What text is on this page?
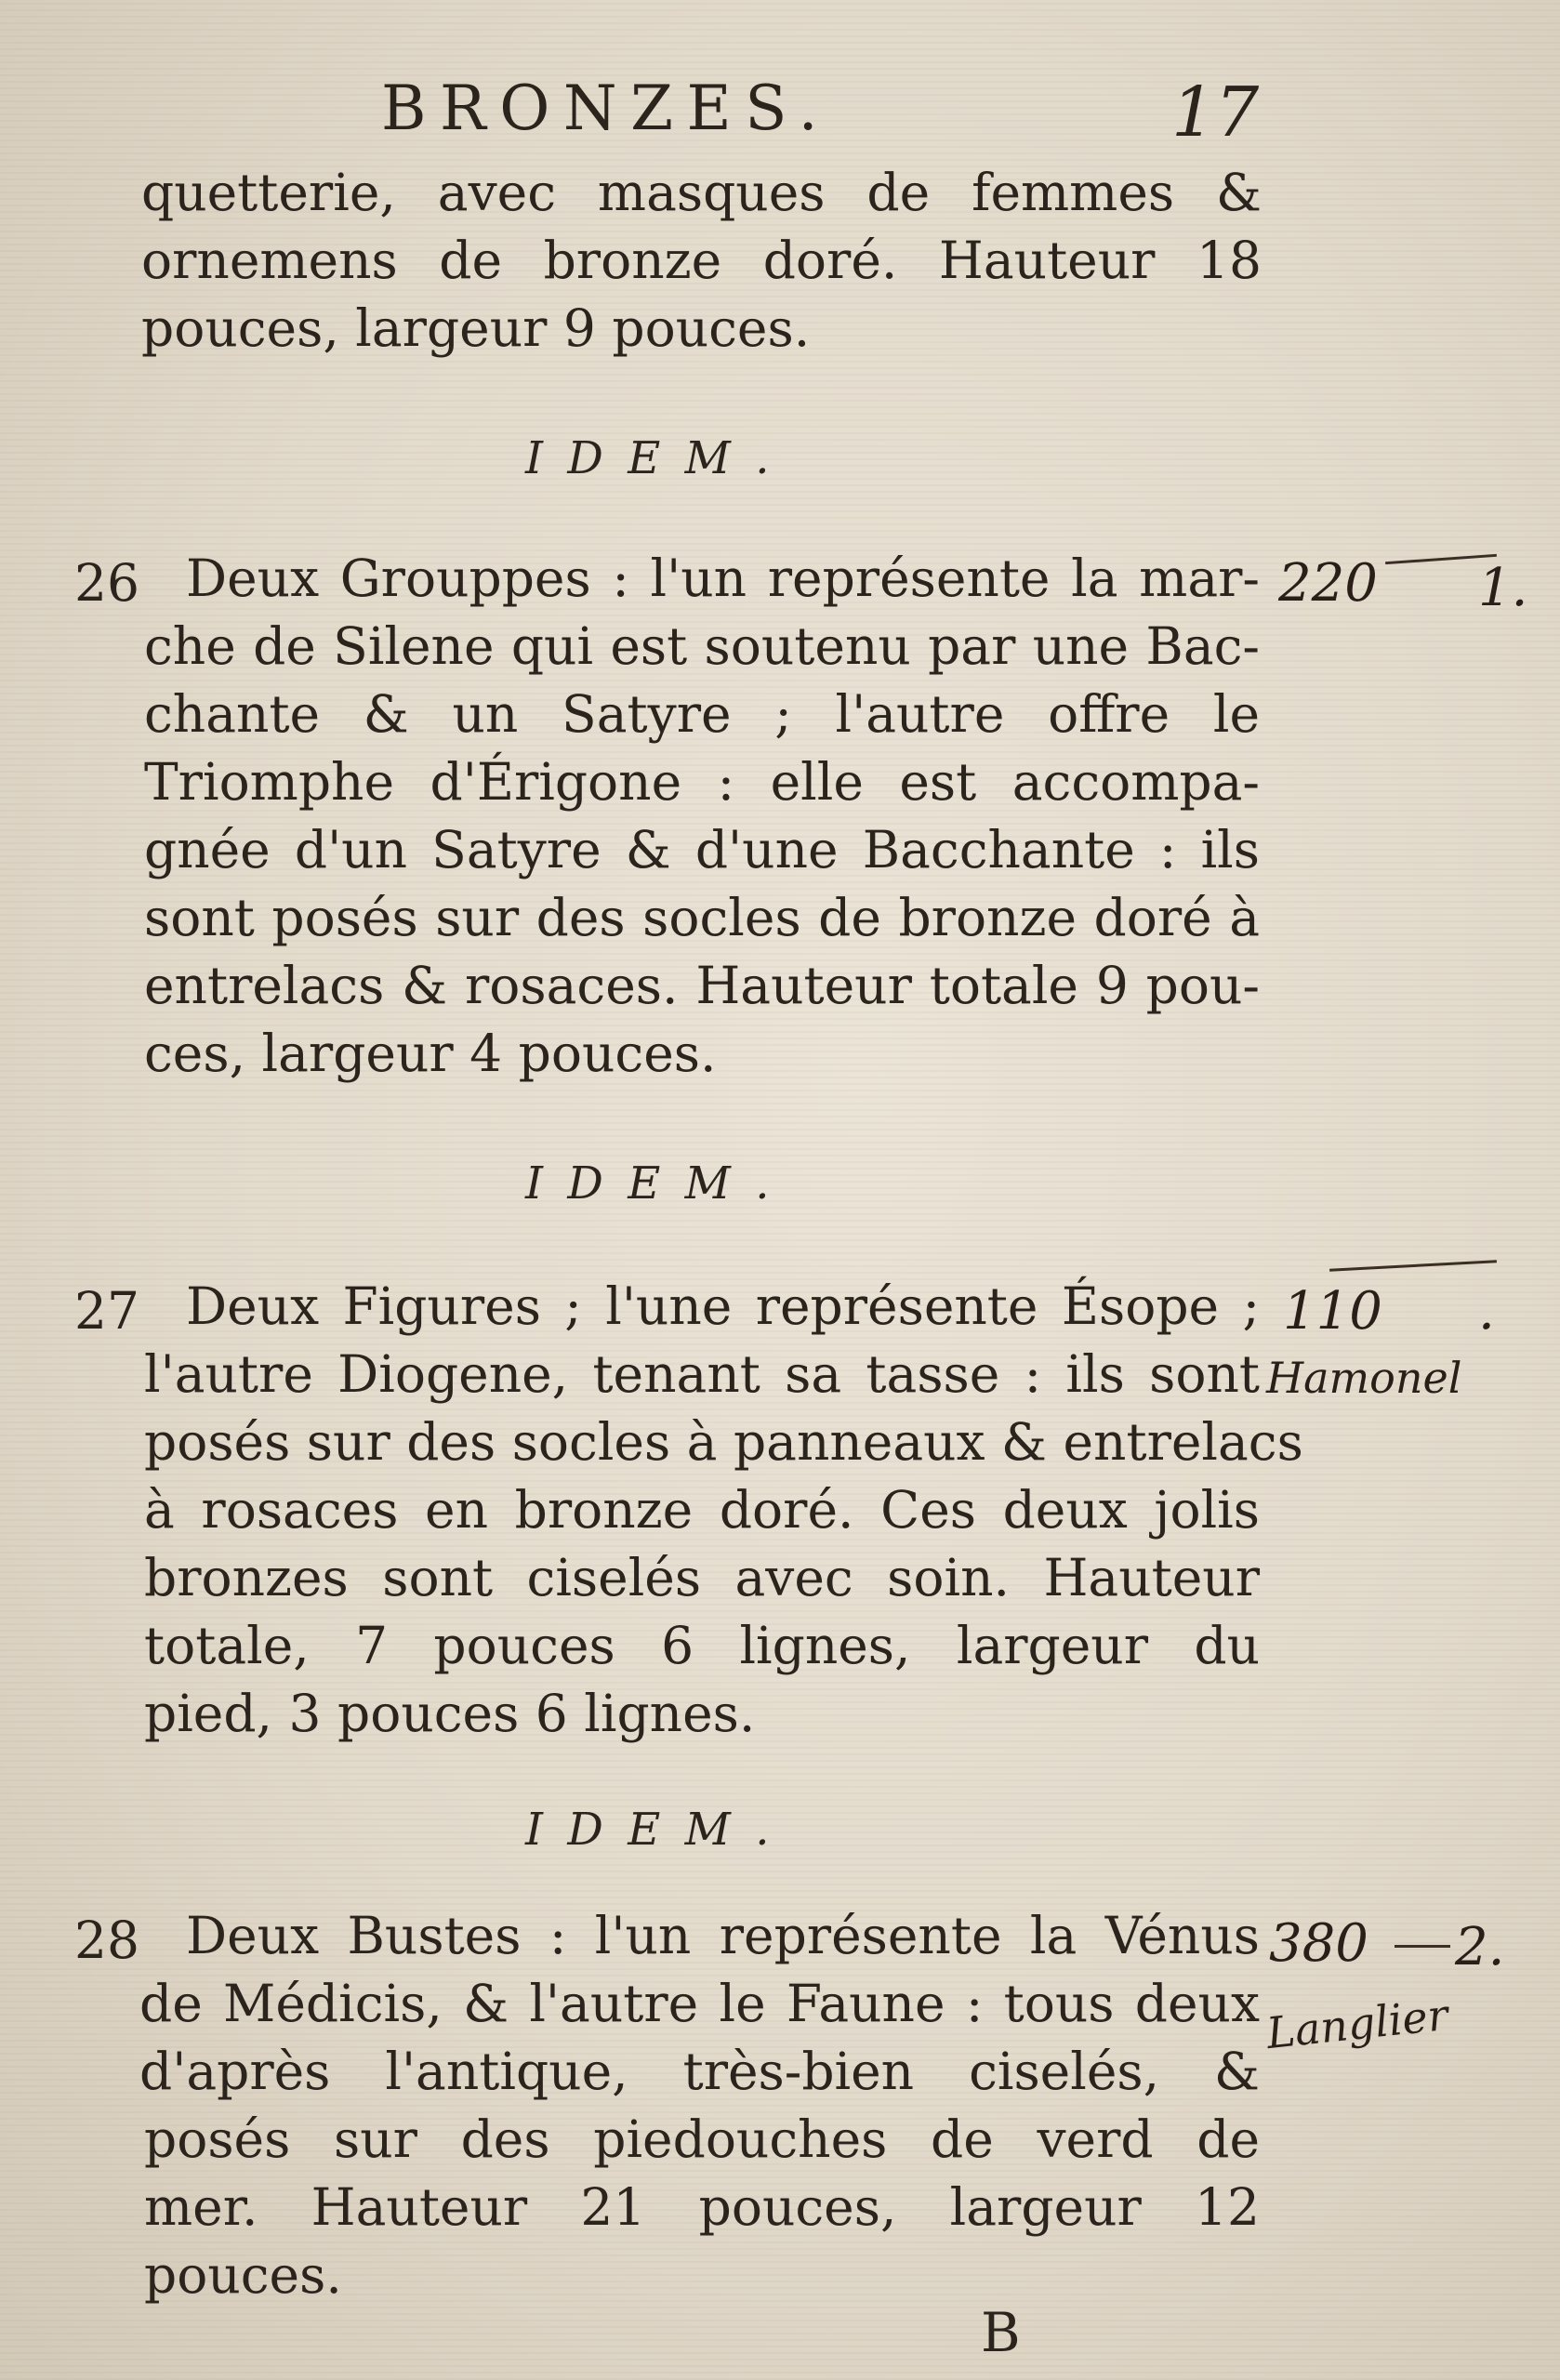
BRONZES.	17
quetterie, avec masques de femmes &
ornemens de bronze doré. Hauteur 18
pouces, largeur 9 pouces.
IDEM.
26 Deux Grouppes : l'un représente la mar-
che de Silene qui est soutenu par une Bac-
chante & un Satyre ; l'autre offre le
Triomphe d'Érigone : elle est accompa-
gnée d'un Satyre & d'une Bacchante : ils
sont posés sur des socles de bronze doré à
entrelacs & rosaces. Hauteur totale 9 pou-
ces, largeur 4 pouces.
220 1.
IDEM.
27 Deux Figures ; l'une représente Ésope ;
l'autre Diogene, tenant sa tasse : ils sont
posés sur des socles à panneaux & entrelacs
à rosaces en bronze doré. Ces deux jolis
bronzes sont ciselés avec soin. Hauteur
totale, 7 pouces 6 lignes, largeur du
pied, 3 pouces 6 lignes.
110 .
Hamonel
IDEM.
28 Deux Bustes : l'un représente la Vénus
de Médicis, & l'autre le Faune : tous deux
d'après l'antique, très-bien ciselés, &
posés sur des piedouches de verd de
mer. Hauteur 21 pouces, largeur 12
pouces.
380 2.
Langlier
B
